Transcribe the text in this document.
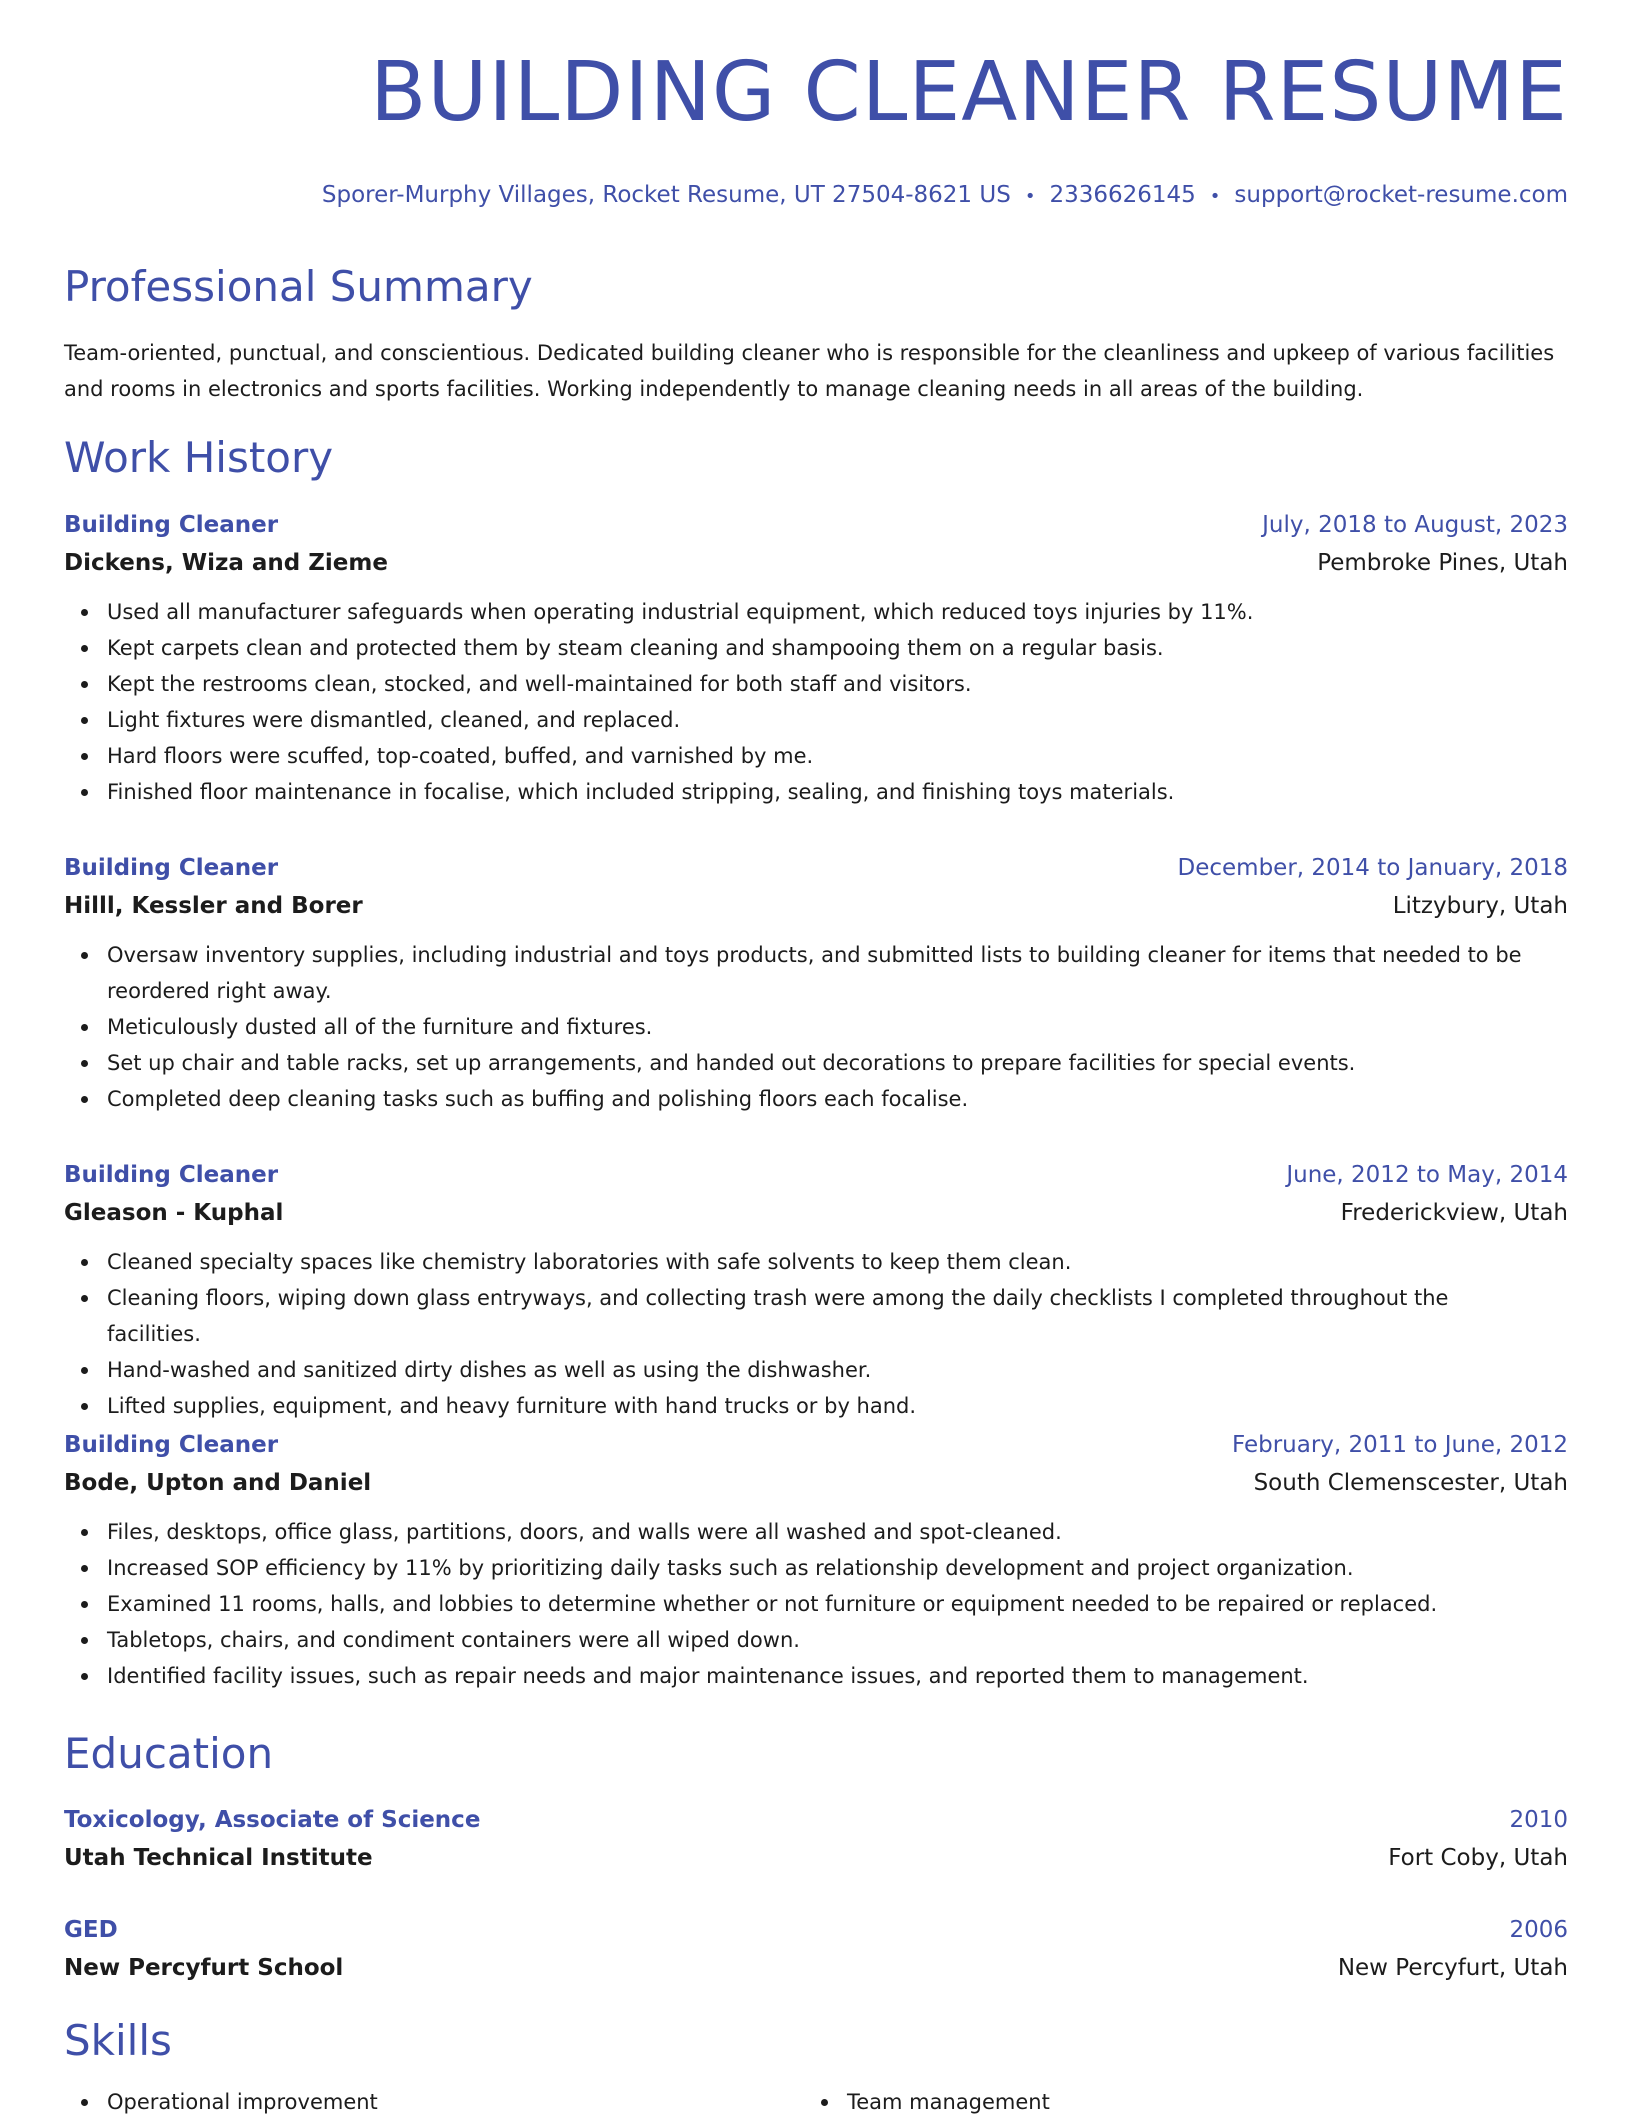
BUILDING CLEANER RESUME
Sporer-Murphy Villages, Rocket Resume, UT 27504-8621 US • 2336626145 • support@rocket-resume.com
Professional Summary

Team-oriented, punctual, and conscientious. Dedicated building cleaner who is responsible for the cleanliness and upkeep of various facilities and rooms in electronics and sports facilities. Working independently to manage cleaning needs in all areas of the building.

Work History
Building Cleaner	July, 2018 to August, 2023
Dickens, Wiza and Zieme	Pembroke Pines, Utah
Used all manufacturer safeguards when operating industrial equipment, which reduced toys injuries by 11%.
Kept carpets clean and protected them by steam cleaning and shampooing them on a regular basis.
Kept the restrooms clean, stocked, and well-maintained for both staff and visitors.
Light fixtures were dismantled, cleaned, and replaced.
Hard floors were scuffed, top-coated, buffed, and varnished by me.
Finished floor maintenance in focalise, which included stripping, sealing, and finishing toys materials.
Building Cleaner	December, 2014 to January, 2018
Hilll, Kessler and Borer	Litzybury, Utah
Oversaw inventory supplies, including industrial and toys products, and submitted lists to building cleaner for items that needed to be reordered right away.
Meticulously dusted all of the furniture and fixtures.
Set up chair and table racks, set up arrangements, and handed out decorations to prepare facilities for special events.
Completed deep cleaning tasks such as buffing and polishing floors each focalise.
Building Cleaner	June, 2012 to May, 2014
Gleason - Kuphal	Frederickview, Utah
Cleaned specialty spaces like chemistry laboratories with safe solvents to keep them clean.
Cleaning floors, wiping down glass entryways, and collecting trash were among the daily checklists I completed throughout the facilities.
Hand-washed and sanitized dirty dishes as well as using the dishwasher.
Lifted supplies, equipment, and heavy furniture with hand trucks or by hand.
Building Cleaner	February, 2011 to June, 2012
Bode, Upton and Daniel	South Clemenscester, Utah
Files, desktops, office glass, partitions, doors, and walls were all washed and spot-cleaned.
Increased SOP efficiency by 11% by prioritizing daily tasks such as relationship development and project organization.
Examined 11 rooms, halls, and lobbies to determine whether or not furniture or equipment needed to be repaired or replaced.
Tabletops, chairs, and condiment containers were all wiped down.
Identified facility issues, such as repair needs and major maintenance issues, and reported them to management.
Education
Toxicology, Associate of Science	2010
Utah Technical Institute	Fort Coby, Utah
GED	2006
New Percyfurt School	New Percyfurt, Utah
Skills
Operational improvement	Team management
